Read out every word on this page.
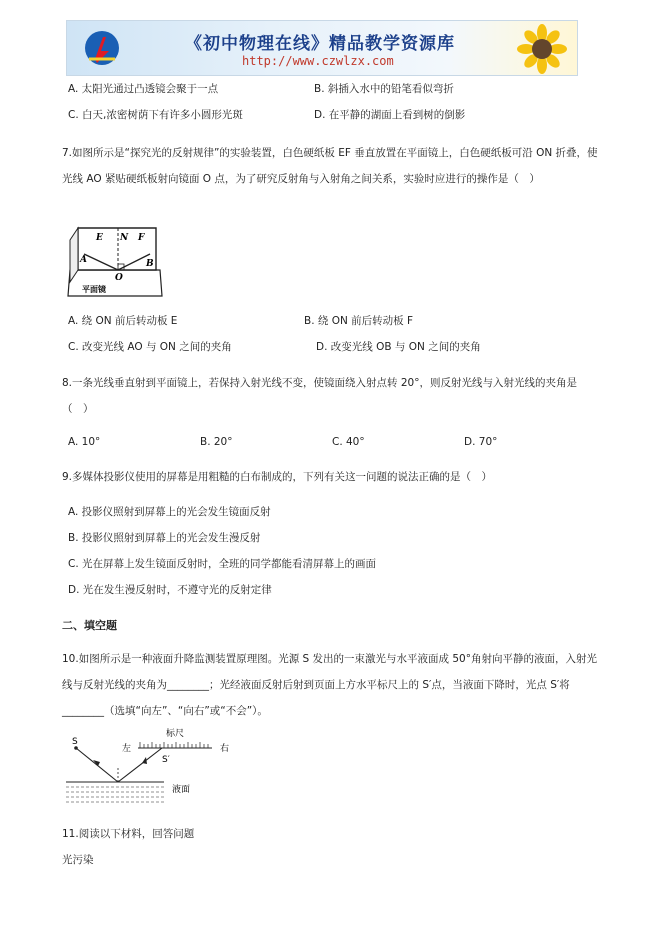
《初中物理在线》精品教学资源库
http://www.czwlzx.com
A. 太阳光通过凸透镜会聚于一点	B. 斜插入水中的铅笔看似弯折
C. 白天,浓密树荫下有许多小圆形光斑	D. 在平静的湖面上看到树的倒影
7.如图所示是“探究光的反射规律”的实验装置，白色硬纸板 EF 垂直放置在平面镜上，白色硬纸板可沿 ON 折叠，使光线 AO 紧贴硬纸板射向镜面 O 点，为了研究反射角与入射角之间关系，实验时应进行的操作是（　）
E N F
A	B
O
平面镜
A. 绕 ON 前后转动板 E	B. 绕 ON 前后转动板 F
C. 改变光线 AO 与 ON 之间的夹角	D. 改变光线 OB 与 ON 之间的夹角
8.一条光线垂直射到平面镜上，若保持入射光线不变，使镜面绕入射点转 20°，则反射光线与入射光线的夹角是（　）
A. 10°	B. 20°	C. 40°	D. 70°
9.多媒体投影仪使用的屏幕是用粗糙的白布制成的，下列有关这一问题的说法正确的是（　）
A. 投影仪照射到屏幕上的光会发生镜面反射
B. 投影仪照射到屏幕上的光会发生漫反射
C. 光在屏幕上发生镜面反射时，全班的同学都能看清屏幕上的画面
D. 光在发生漫反射时，不遵守光的反射定律
二、填空题
10.如图所示是一种液面升降监测装置原理图。光源 S 发出的一束激光与水平液面成 50°角射向平静的液面，入射光线与反射光线的夹角为________；光经液面反射后射到页面上方水平标尺上的 S′点，当液面下降时，光点 S′将________（选填“向左”、“向右”或“不会”）。
标尺
左	右
S
S′
液面
11.阅读以下材料，回答问题
光污染
